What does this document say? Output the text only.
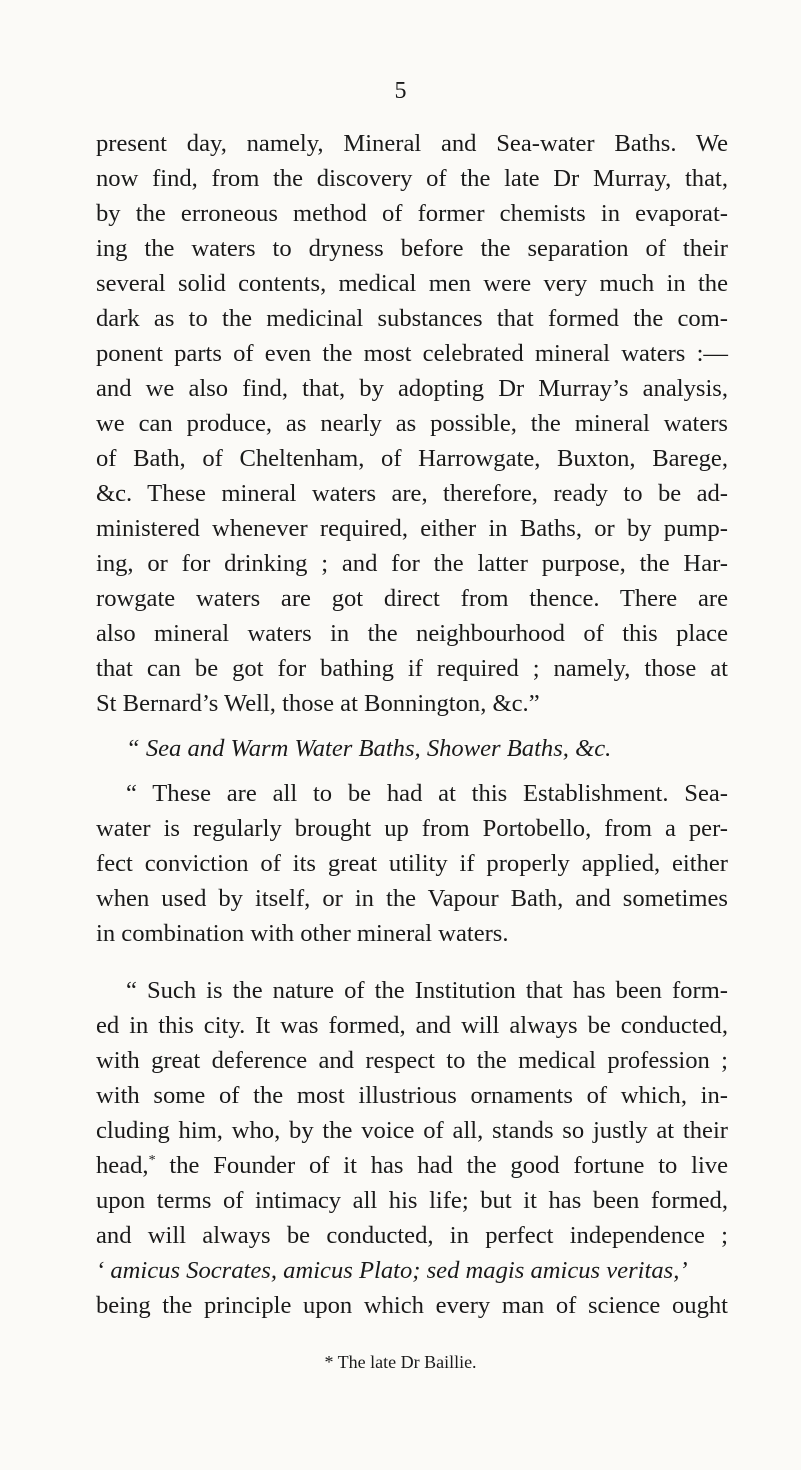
5
present day, namely, Mineral and Sea-water Baths. We
now find, from the discovery of the late Dr Murray, that,
by the erroneous method of former chemists in evaporat-
ing the waters to dryness before the separation of their
several solid contents, medical men were very much in the
dark as to the medicinal substances that formed the com-
ponent parts of even the most celebrated mineral waters :—
and we also find, that, by adopting Dr Murray’s analysis,
we can produce, as nearly as possible, the mineral waters
of Bath, of Cheltenham, of Harrowgate, Buxton, Barege,
&c. These mineral waters are, therefore, ready to be ad-
ministered whenever required, either in Baths, or by pump-
ing, or for drinking ; and for the latter purpose, the Har-
rowgate waters are got direct from thence. There are
also mineral waters in the neighbourhood of this place
that can be got for bathing if required ; namely, those at
St Bernard’s Well, those at Bonnington, &c.”
“ Sea and Warm Water Baths, Shower Baths, &c.
“ These are all to be had at this Establishment. Sea-
water is regularly brought up from Portobello, from a per-
fect conviction of its great utility if properly applied, either
when used by itself, or in the Vapour Bath, and sometimes
in combination with other mineral waters.
“ Such is the nature of the Institution that has been form-
ed in this city. It was formed, and will always be conducted,
with great deference and respect to the medical profession ;
with some of the most illustrious ornaments of which, in-
cluding him, who, by the voice of all, stands so justly at their
head,* the Founder of it has had the good fortune to live
upon terms of intimacy all his life; but it has been formed,
and will always be conducted, in perfect independence ;
‘ amicus Socrates, amicus Plato; sed magis amicus veritas,’
being the principle upon which every man of science ought
* The late Dr Baillie.
